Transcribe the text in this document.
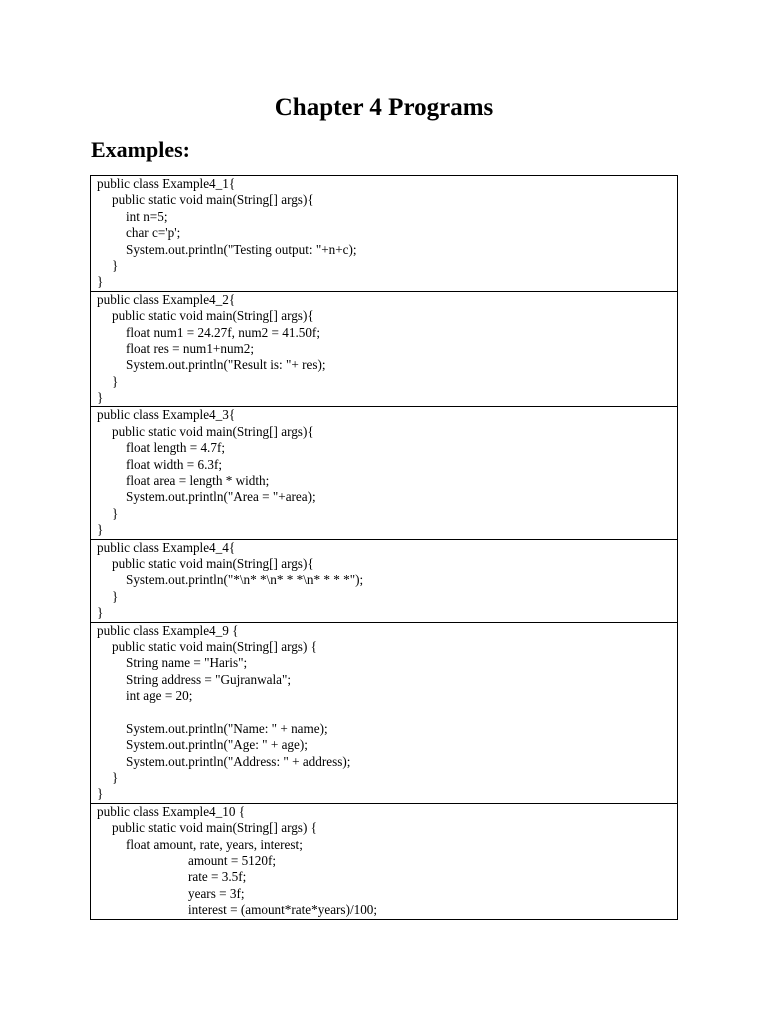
Chapter 4 Programs
Examples:
public class Example4_1{
public static void main(String[] args){
int n=5;
char c='p';
System.out.println("Testing output: "+n+c);
}
}
public class Example4_2{
public static void main(String[] args){
float num1 = 24.27f, num2 = 41.50f;
float res = num1+num2;
System.out.println("Result is: "+ res);
}
}
public class Example4_3{
public static void main(String[] args){
float length = 4.7f;
float width = 6.3f;
float area = length * width;
System.out.println("Area = "+area);
}
}
public class Example4_4{
public static void main(String[] args){
System.out.println("*\n* *\n* * *\n* * * *");
}
}
public class Example4_9 {
public static void main(String[] args) {
String name = "Haris";
String address = "Gujranwala";
int age = 20;
System.out.println("Name: " + name);
System.out.println("Age: " + age);
System.out.println("Address: " + address);
}
}
public class Example4_10 {
public static void main(String[] args) {
float amount, rate, years, interest;
amount = 5120f;
rate = 3.5f;
years = 3f;
interest = (amount*rate*years)/100;
